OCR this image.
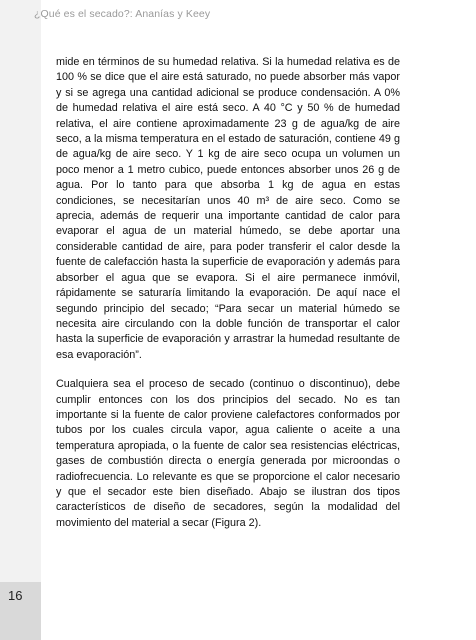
¿Qué es el secado?: Ananías y Keey

mide en términos de su humedad relativa. Si la humedad relativa es de 100 % se dice que el aire está saturado, no puede absorber más vapor y si se agrega una cantidad adicional se produce condensación. A 0% de humedad relativa el aire está seco. A 40 °C y 50 % de humedad relativa, el aire contiene aproximadamente 23 g de agua/kg de aire seco, a la misma temperatura en el estado de saturación, contiene 49 g de agua/kg de aire seco. Y 1 kg de aire seco ocupa un volumen un poco menor a 1 metro cubico, puede entonces absorber unos 26 g de agua. Por lo tanto para que absorba 1 kg de agua en estas condiciones, se necesitarían unos 40 m³ de aire seco. Como se aprecia, además de requerir una importante cantidad de calor para evaporar el agua de un material húmedo, se debe aportar una considerable cantidad de aire, para poder transferir el calor desde la fuente de calefacción hasta la superficie de evaporación y además para absorber el agua que se evapora. Si el aire permanece inmóvil, rápidamente se saturaría limitando la evaporación. De aquí nace el segundo principio del secado; “Para secar un material húmedo se necesita aire circulando con la doble función de transportar el calor hasta la superficie de evaporación y arrastrar la humedad resultante de esa evaporación”.

Cualquiera sea el proceso de secado (continuo o discontinuo), debe cumplir entonces con los dos principios del secado. No es tan importante si la fuente de calor proviene calefactores conformados por tubos por los cuales circula vapor, agua caliente o aceite a una temperatura apropiada, o la fuente de calor sea resistencias eléctricas, gases de combustión directa o energía generada por microondas o radiofrecuencia. Lo relevante es que se proporcione el calor necesario y que el secador este bien diseñado. Abajo se ilustran dos tipos característicos de diseño de secadores, según la modalidad del movimiento del material a secar (Figura 2).

16
